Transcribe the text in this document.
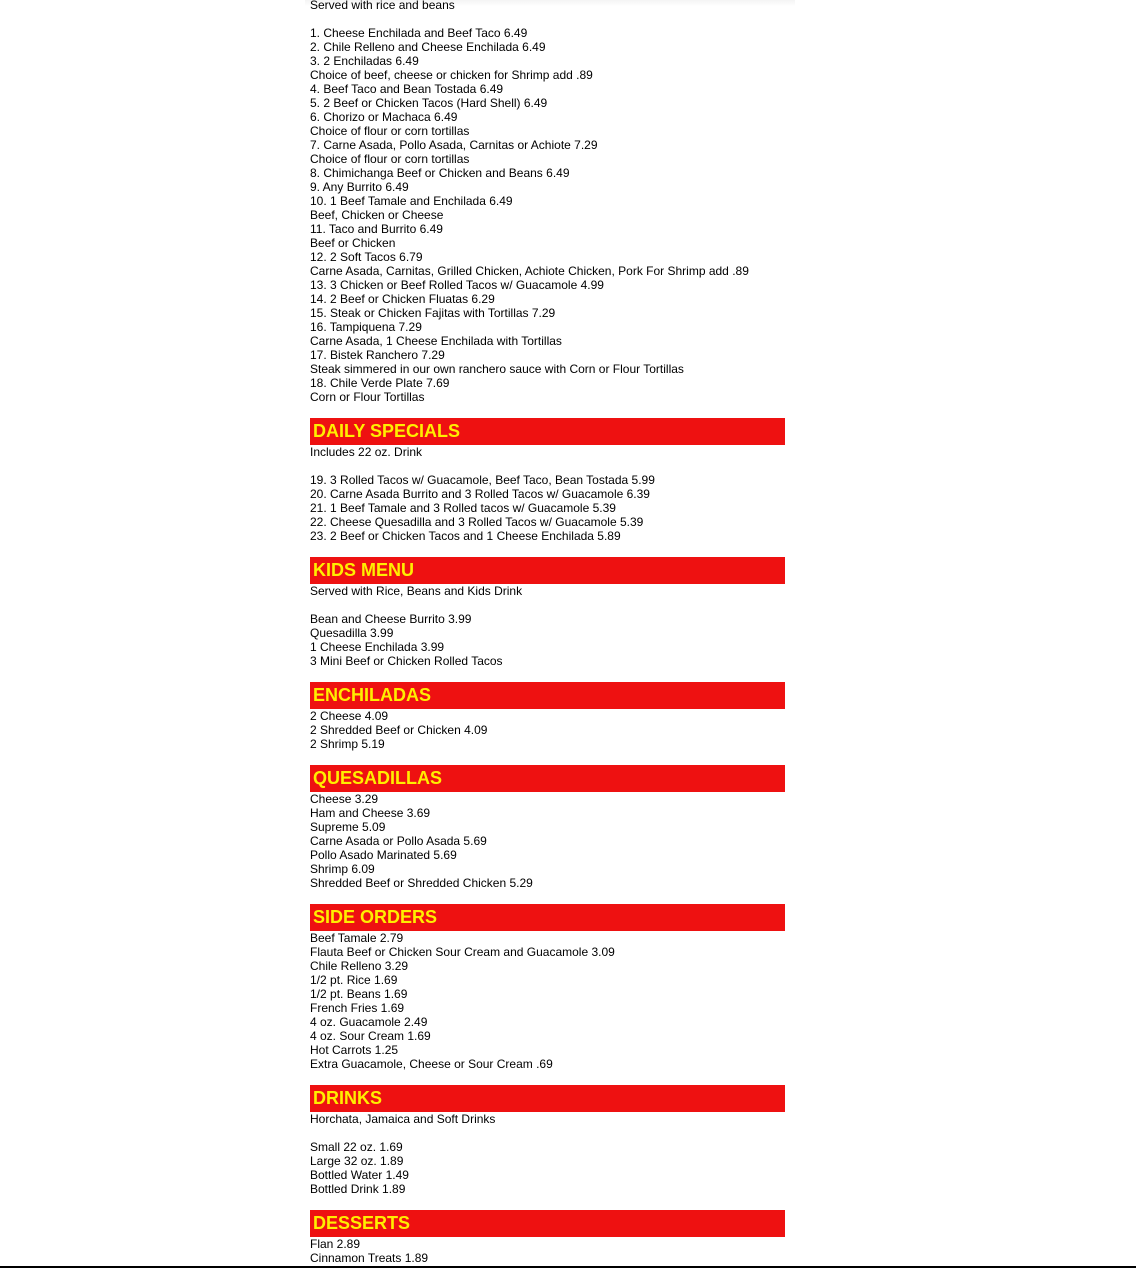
Served with rice and beans
1. Cheese Enchilada and Beef Taco 6.49
2. Chile Relleno and Cheese Enchilada 6.49
3. 2 Enchiladas 6.49
Choice of beef, cheese or chicken for Shrimp add .89
4. Beef Taco and Bean Tostada 6.49
5. 2 Beef or Chicken Tacos (Hard Shell) 6.49
6. Chorizo or Machaca 6.49
Choice of flour or corn tortillas
7. Carne Asada, Pollo Asada, Carnitas or Achiote 7.29
Choice of flour or corn tortillas
8. Chimichanga Beef or Chicken and Beans 6.49
9. Any Burrito 6.49
10. 1 Beef Tamale and Enchilada 6.49
Beef, Chicken or Cheese
11. Taco and Burrito 6.49
Beef or Chicken
12. 2 Soft Tacos 6.79
Carne Asada, Carnitas, Grilled Chicken, Achiote Chicken, Pork For Shrimp add .89
13. 3 Chicken or Beef Rolled Tacos w/ Guacamole 4.99
14. 2 Beef or Chicken Fluatas 6.29
15. Steak or Chicken Fajitas with Tortillas 7.29
16. Tampiquena 7.29
Carne Asada, 1 Cheese Enchilada with Tortillas
17. Bistek Ranchero 7.29
Steak simmered in our own ranchero sauce with Corn or Flour Tortillas
18. Chile Verde Plate 7.69
Corn or Flour Tortillas
DAILY SPECIALS
Includes 22 oz. Drink
19. 3 Rolled Tacos w/ Guacamole, Beef Taco, Bean Tostada 5.99
20. Carne Asada Burrito and 3 Rolled Tacos w/ Guacamole 6.39
21. 1 Beef Tamale and 3 Rolled tacos w/ Guacamole 5.39
22. Cheese Quesadilla and 3 Rolled Tacos w/ Guacamole 5.39
23. 2 Beef or Chicken Tacos and 1 Cheese Enchilada 5.89
KIDS MENU
Served with Rice, Beans and Kids Drink
Bean and Cheese Burrito 3.99
Quesadilla 3.99
1 Cheese Enchilada 3.99
3 Mini Beef or Chicken Rolled Tacos
ENCHILADAS
2 Cheese 4.09
2 Shredded Beef or Chicken 4.09
2 Shrimp 5.19
QUESADILLAS
Cheese 3.29
Ham and Cheese 3.69
Supreme 5.09
Carne Asada or Pollo Asada 5.69
Pollo Asado Marinated 5.69
Shrimp 6.09
Shredded Beef or Shredded Chicken 5.29
SIDE ORDERS
Beef Tamale 2.79
Flauta Beef or Chicken Sour Cream and Guacamole 3.09
Chile Relleno 3.29
1/2 pt. Rice 1.69
1/2 pt. Beans 1.69
French Fries 1.69
4 oz. Guacamole 2.49
4 oz. Sour Cream 1.69
Hot Carrots 1.25
Extra Guacamole, Cheese or Sour Cream .69
DRINKS
Horchata, Jamaica and Soft Drinks
Small 22 oz. 1.69
Large 32 oz. 1.89
Bottled Water 1.49
Bottled Drink 1.89
DESSERTS
Flan 2.89
Cinnamon Treats 1.89
